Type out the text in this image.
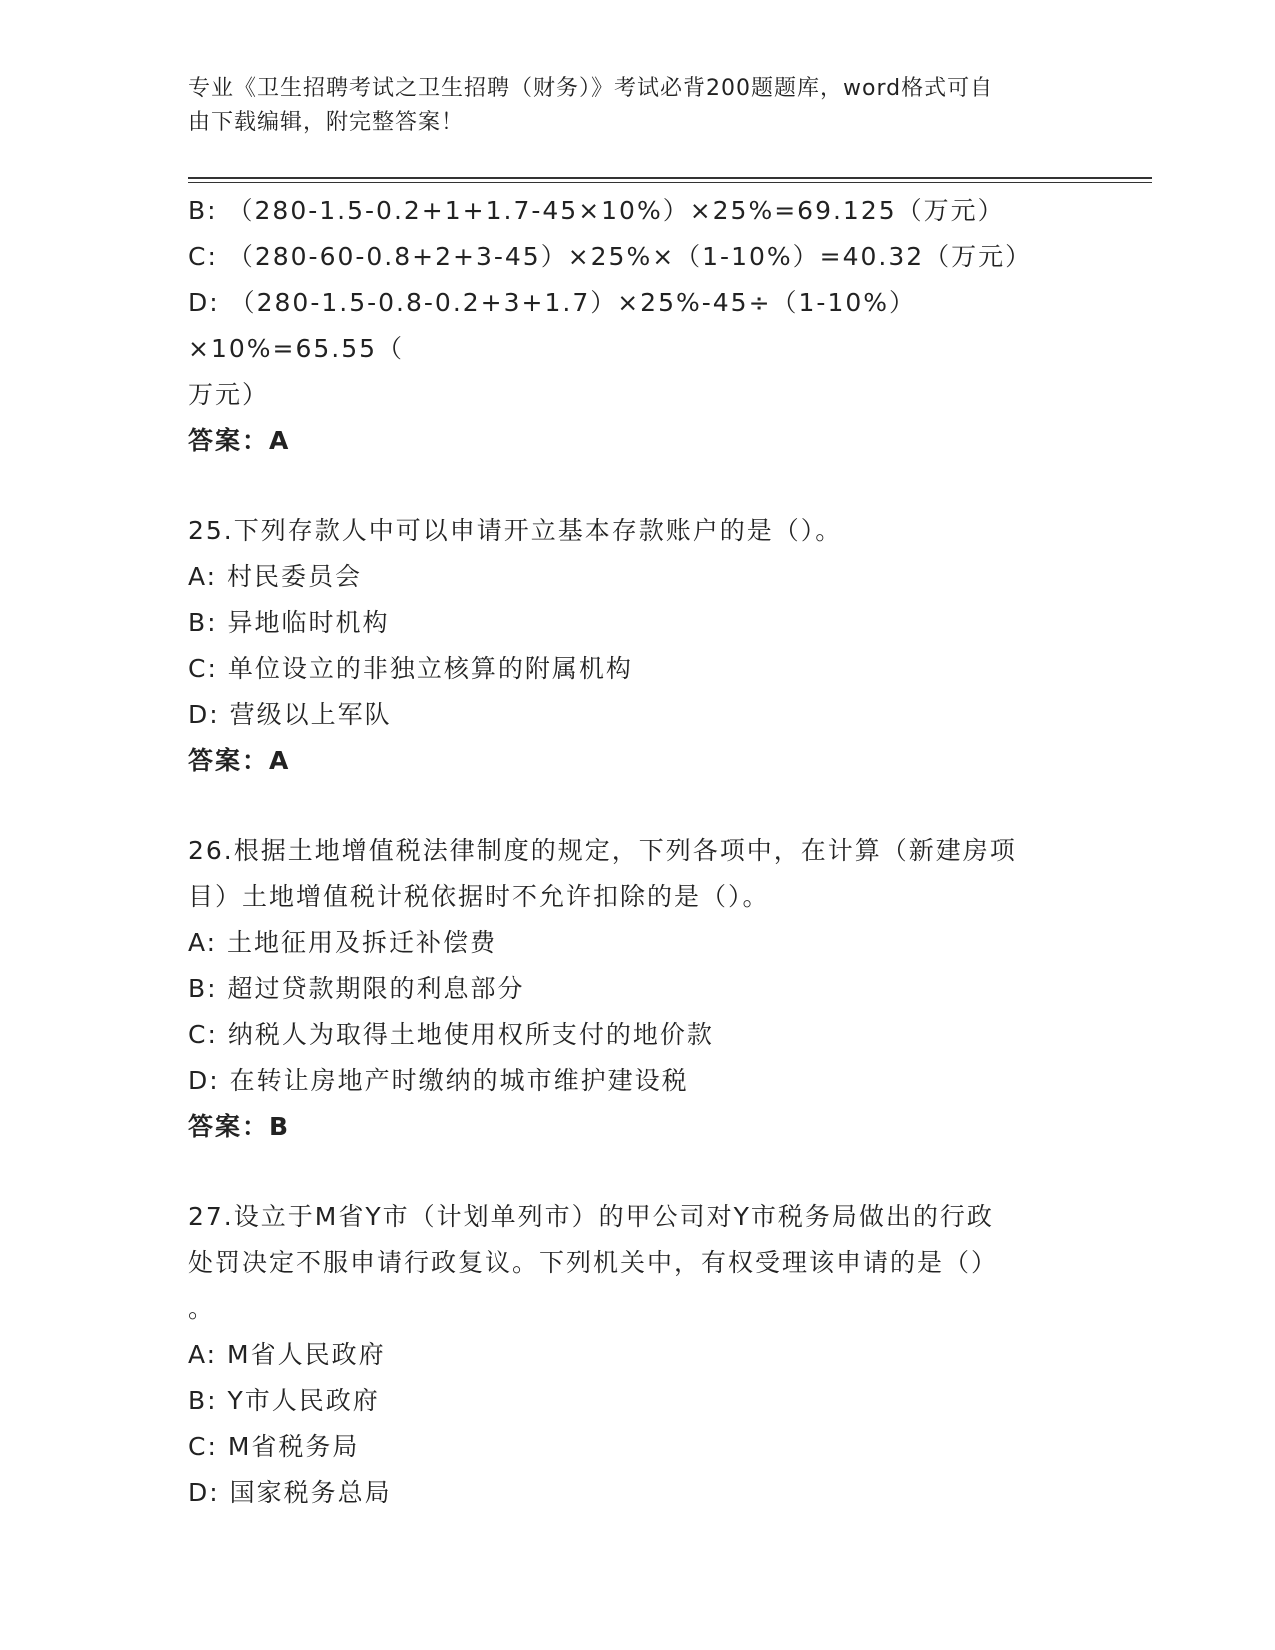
专业《卫生招聘考试之卫生招聘（财务）》考试必背200题题库，word格式可自
由下载编辑，附完整答案！
B: （280-1.5-0.2+1+1.7-45×10%）×25%=69.125（万元）
C: （280-60-0.8+2+3-45）×25%×（1-10%）=40.32（万元）
D: （280-1.5-0.8-0.2+3+1.7）×25%-45÷（1-10%）×10%=65.55（
万元）
答案：A
25.下列存款人中可以申请开立基本存款账户的是（）。
A: 村民委员会
B: 异地临时机构
C: 单位设立的非独立核算的附属机构
D: 营级以上军队
答案：A
26.根据土地增值税法律制度的规定，下列各项中，在计算（新建房项
目）土地增值税计税依据时不允许扣除的是（）。
A: 土地征用及拆迁补偿费
B: 超过贷款期限的利息部分
C: 纳税人为取得土地使用权所支付的地价款
D: 在转让房地产时缴纳的城市维护建设税
答案：B
27.设立于M省Y市（计划单列市）的甲公司对Y市税务局做出的行政
处罚决定不服申请行政复议。下列机关中，有权受理该申请的是（）
。
A: M省人民政府
B: Y市人民政府
C: M省税务局
D: 国家税务总局
